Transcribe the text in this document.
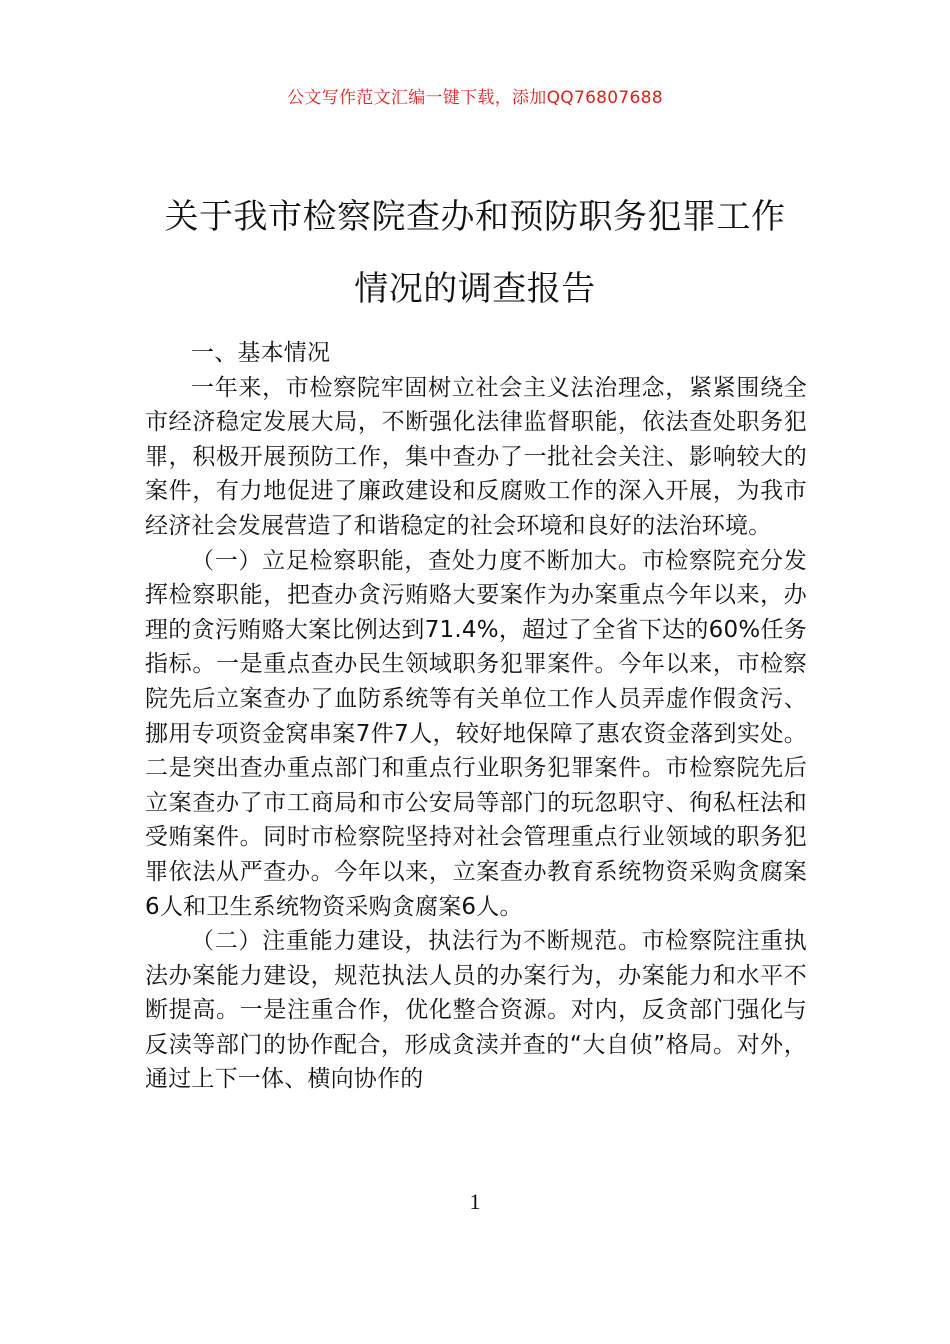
公文写作范文汇编一键下载，添加QQ76807688
关于我市检察院查办和预防职务犯罪工作
情况的调查报告

一、基本情况

一年来，市检察院牢固树立社会主义法治理念，紧紧围绕全市经济稳定发展大局，不断强化法律监督职能，依法查处职务犯罪，积极开展预防工作，集中查办了一批社会关注、影响较大的案件，有力地促进了廉政建设和反腐败工作的深入开展，为我市经济社会发展营造了和谐稳定的社会环境和良好的法治环境。

（一）立足检察职能，查处力度不断加大。市检察院充分发挥检察职能，把查办贪污贿赂大要案作为办案重点今年以来，办理的贪污贿赂大案比例达到71.4%，超过了全省下达的60%任务指标。一是重点查办民生领域职务犯罪案件。今年以来，市检察院先后立案查办了血防系统等有关单位工作人员弄虚作假贪污、挪用专项资金窝串案7件7人，较好地保障了惠农资金落到实处。二是突出查办重点部门和重点行业职务犯罪案件。市检察院先后立案查办了市工商局和市公安局等部门的玩忽职守、徇私枉法和受贿案件。同时市检察院坚持对社会管理重点行业领域的职务犯罪依法从严查办。今年以来，立案查办教育系统物资采购贪腐案6人和卫生系统物资采购贪腐案6人。

（二）注重能力建设，执法行为不断规范。市检察院注重执法办案能力建设，规范执法人员的办案行为，办案能力和水平不断提高。一是注重合作，优化整合资源。对内，反贪部门强化与反渎等部门的协作配合，形成贪渎并查的“大自侦”格局。对外，通过上下一体、横向协作的

1
